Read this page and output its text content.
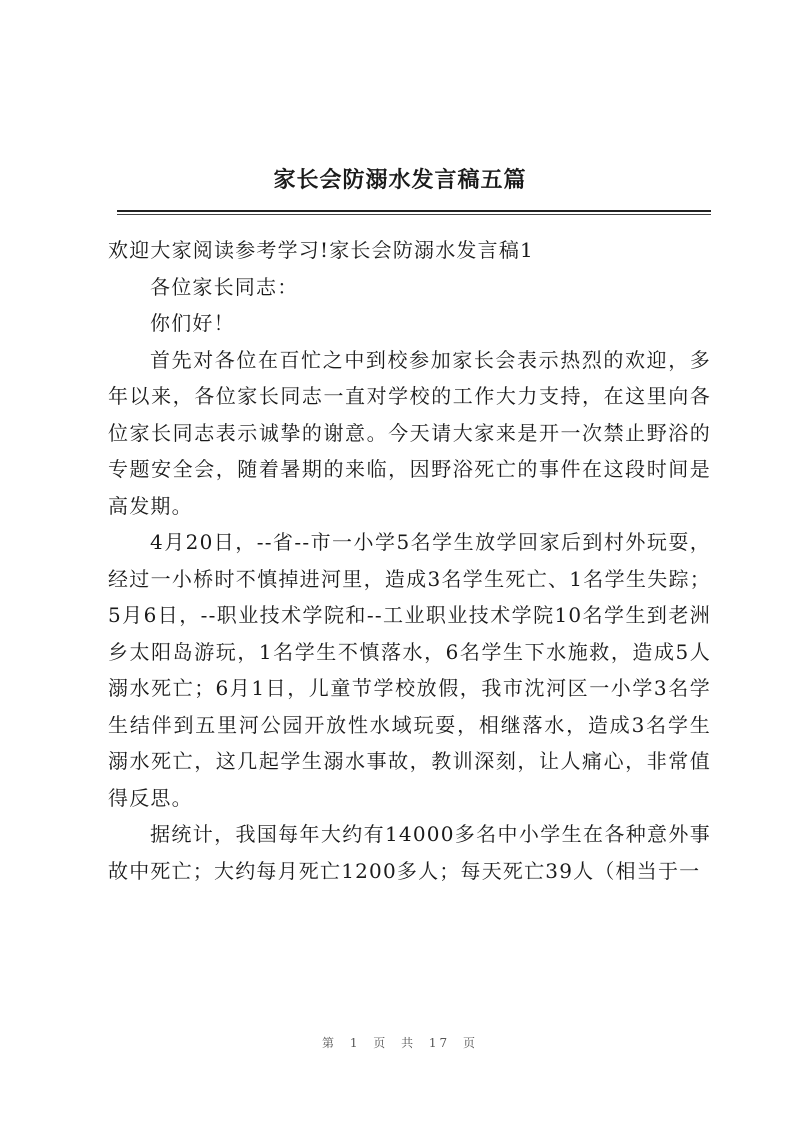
家长会防溺水发言稿五篇

欢迎大家阅读参考学习!家长会防溺水发言稿1

各位家长同志：

你们好！

首先对各位在百忙之中到校参加家长会表示热烈的欢迎，多年以来，各位家长同志一直对学校的工作大力支持，在这里向各位家长同志表示诚挚的谢意。今天请大家来是开一次禁止野浴的专题安全会，随着暑期的来临，因野浴死亡的事件在这段时间是高发期。

4月20日，--省--市一小学5名学生放学回家后到村外玩耍，经过一小桥时不慎掉进河里，造成3名学生死亡、1名学生失踪；5月6日，--职业技术学院和--工业职业技术学院10名学生到老洲乡太阳岛游玩，1名学生不慎落水，6名学生下水施救，造成5人溺水死亡；6月1日，儿童节学校放假，我市沈河区一小学3名学生结伴到五里河公园开放性水域玩耍，相继落水，造成3名学生溺水死亡，这几起学生溺水事故，教训深刻，让人痛心，非常值得反思。

据统计，我国每年大约有14000多名中小学生在各种意外事故中死亡；大约每月死亡1200多人；每天死亡39人（相当于一

第 1 页 共 17 页
